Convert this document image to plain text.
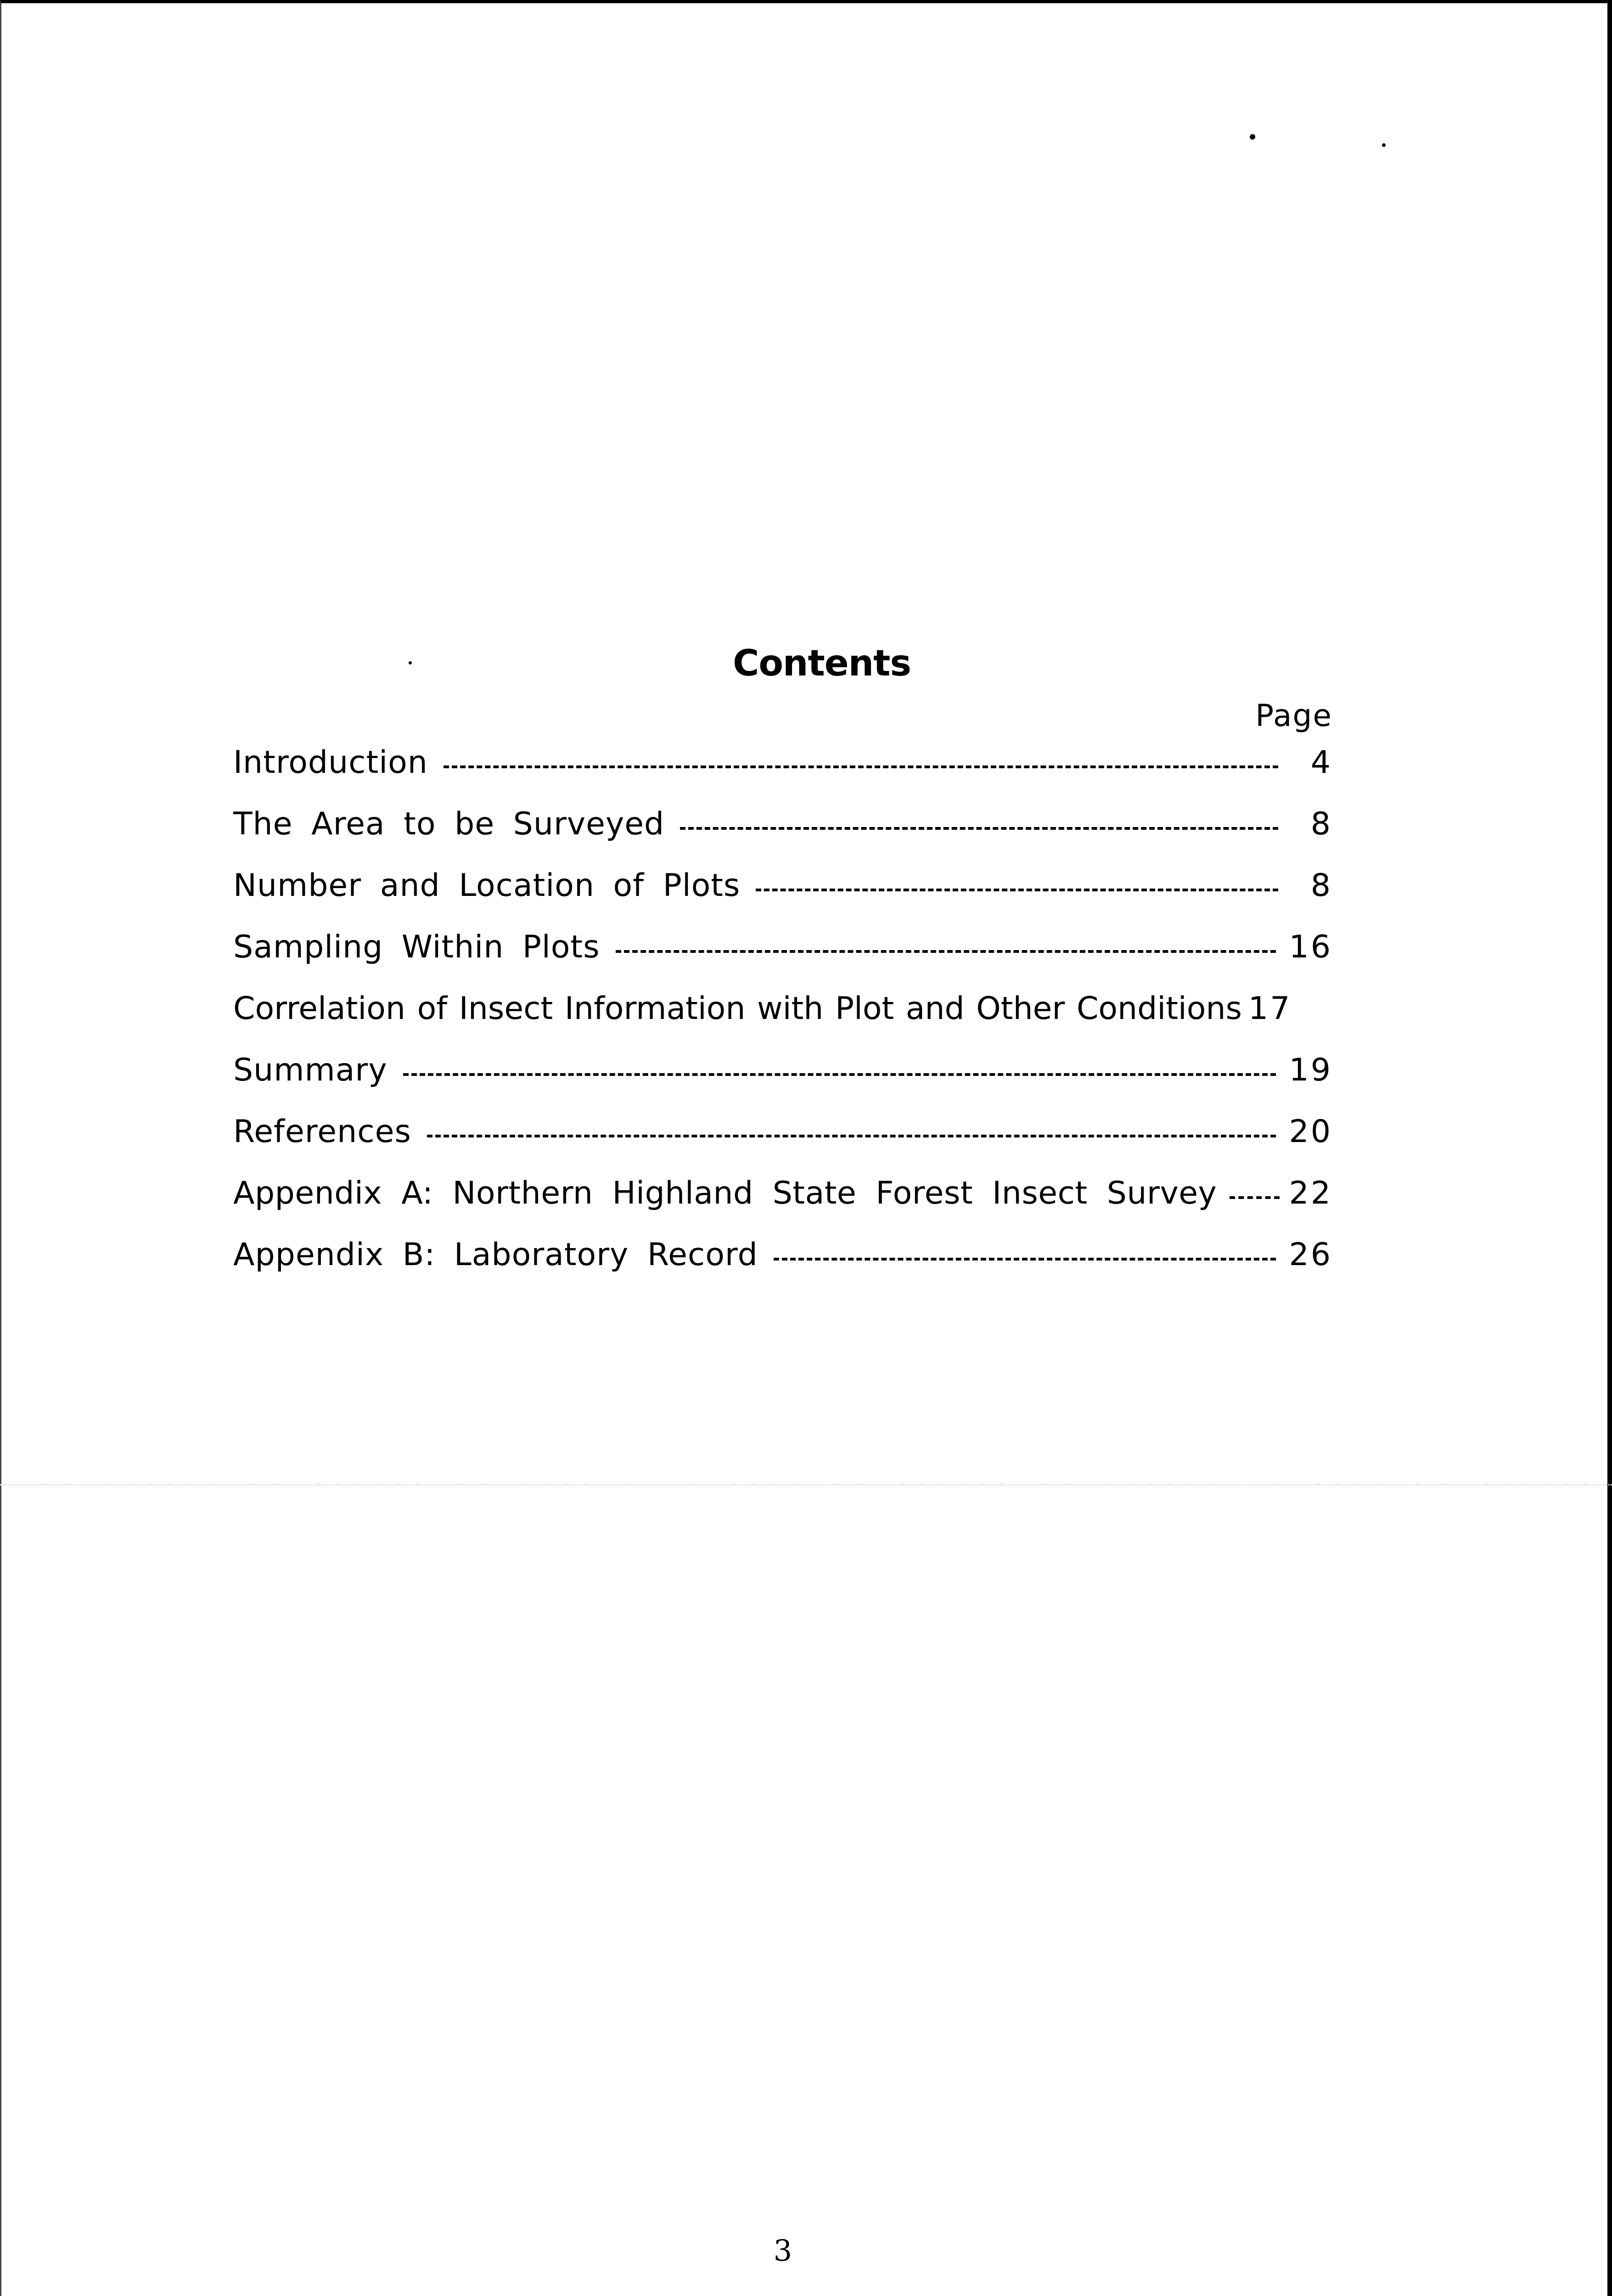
Contents
Page
Introduction	4
The Area to be Surveyed	8
Number and Location of Plots	8
Sampling Within Plots	16
Correlation of Insect Information with Plot and Other Conditions 17
Summary	19
References	20
Appendix A: Northern Highland State Forest Insect Survey 22
Appendix B: Laboratory Record	26
3
